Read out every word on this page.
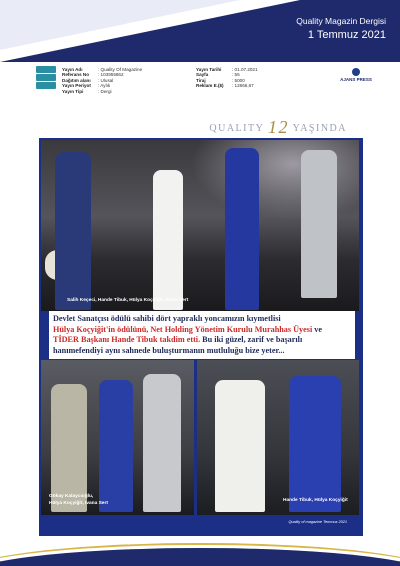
Quality Magazin Dergisi
1 Temmuz 2021
Yayın Adı	: Quality Of Magazine
Referans No : 103955862
Dağıtım alanı : Ulusal
Yayın Periyot : Aylık
Yayın Tipi	: Dergi
Yayın Tarihi : 01.07.2021
Sayfa	: 55
Tiraj	: 5000
Reklam E.($) : 12666,67
AJANS PRESS
QUALITY 12 YAŞINDA
Salih Keçeci, Hande Tibuk, Hülya Koçyiğit, Ivana Sert
Devlet Sanatçısı ödülü sahibi dört yapraklı yoncamızın kıymetlisi
Hülya Koçyiğit'in ödülünü, Net Holding Yönetim Kurulu Murahhas Üyesi ve
TİDER Başkanı Hande Tibuk takdim etti. Bu iki güzel, zarif ve başarılı
hanımefendiyi aynı sahnede buluşturmanın mutluluğu bize yeter...
Gökay Kalaycıoğlu,
Hülya Koçyiğit, Ivana Sert
Hande Tibuk, Hülya Koçyiğit
Quality of magazine Temmuz 2021
